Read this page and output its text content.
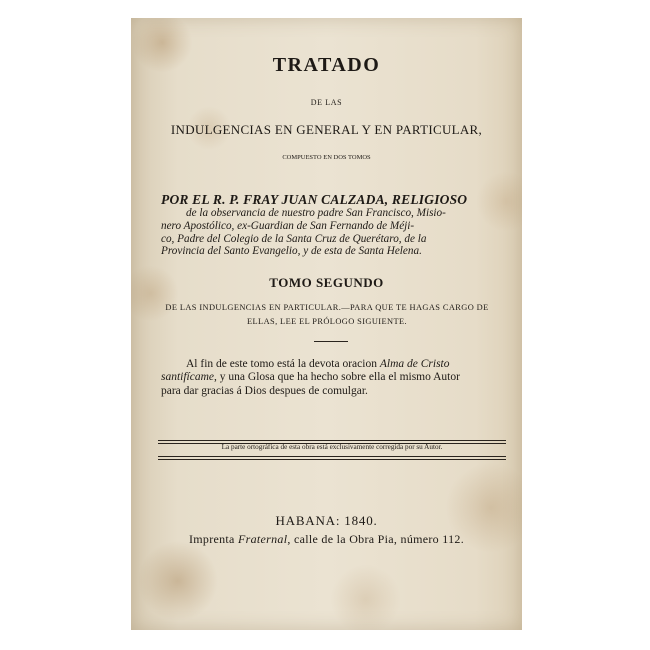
TRATADO
DE LAS
INDULGENCIAS EN GENERAL Y EN PARTICULAR,
COMPUESTO EN DOS TOMOS
POR EL R. P. FRAY JUAN CALZADA, RELIGIOSO
de la observancia de nuestro padre San Francisco, Misio-
nero Apostólico, ex-Guardian de San Fernando de Méji-
co, Padre del Colegio de la Santa Cruz de Querétaro, de la
Provincia del Santo Evangelio, y de esta de Santa Helena.
TOMO SEGUNDO
DE LAS INDULGENCIAS EN PARTICULAR.—PARA QUE TE HAGAS CARGO DE ELLAS, LEE EL PRÓLOGO SIGUIENTE.
Al fin de este tomo está la devota oracion Alma de Cristo
santifícame, y una Glosa que ha hecho sobre ella el mismo Autor
para dar gracias á Dios despues de comulgar.
La parte ortográfica de esta obra está exclusivamente corregida por su Autor.
HABANA: 1840.
Imprenta Fraternal, calle de la Obra Pia, número 112.
